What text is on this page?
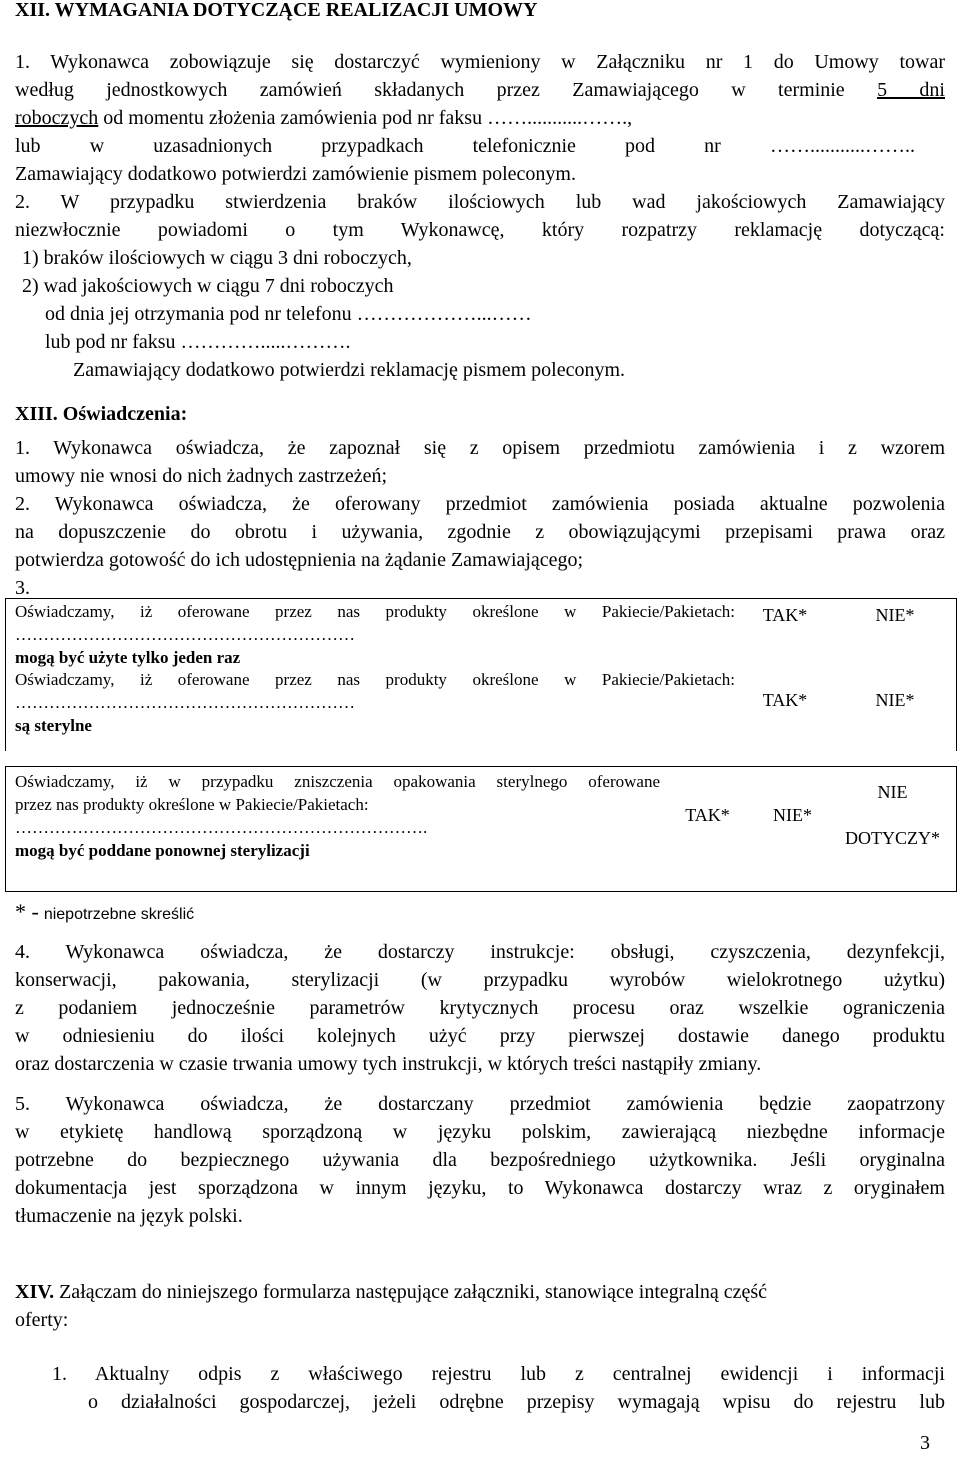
XII. WYMAGANIA DOTYCZĄCE REALIZACJI UMOWY
1. Wykonawca zobowiązuje się dostarczyć wymieniony w Załączniku nr 1 do Umowy towar
według jednostkowych zamówień składanych przez Zamawiającego w terminie 5 dni
roboczych od momentu złożenia zamówienia pod nr faksu ……...........…….,
lub w uzasadnionych przypadkach telefonicznie pod nr ……...........……..
Zamawiający dodatkowo potwierdzi zamówienie pismem poleconym.
2. W przypadku stwierdzenia braków ilościowych lub wad jakościowych Zamawiający
niezwłocznie powiadomi o tym Wykonawcę, który rozpatrzy reklamację dotyczącą:
1) braków ilościowych w ciągu 3 dni roboczych,
2) wad jakościowych w ciągu 7 dni roboczych
od dnia jej otrzymania pod nr telefonu ………………...……
lub pod nr faksu ………….....……….
Zamawiający dodatkowo potwierdzi reklamację pismem poleconym.
XIII. Oświadczenia:
1. Wykonawca oświadcza, że zapoznał się z opisem przedmiotu zamówienia i z wzorem
umowy nie wnosi do nich żadnych zastrzeżeń;
2. Wykonawca oświadcza, że oferowany przedmiot zamówienia posiada aktualne pozwolenia
na dopuszczenie do obrotu i używania, zgodnie z obowiązującymi przepisami prawa oraz
potwierdza gotowość do ich udostępnienia na żądanie Zamawiającego;
3.
Oświadczamy, iż oferowane przez nas produkty określone w Pakiecie/Pakietach:
……………………………………………………
mogą być użyte tylko jeden raz
TAK*	NIE*
Oświadczamy, iż oferowane przez nas produkty określone w Pakiecie/Pakietach:
……………………………………………………
są sterylne
TAK*	NIE*
Oświadczamy, iż w przypadku zniszczenia opakowania sterylnego oferowane
przez nas produkty określone w Pakiecie/Pakietach:
……………………………………………………………….
mogą być poddane ponownej sterylizacji
TAK*	NIE*
NIE
DOTYCZY*
* - niepotrzebne skreślić
4. Wykonawca oświadcza, że dostarczy instrukcje: obsługi, czyszczenia, dezynfekcji,
konserwacji, pakowania, sterylizacji (w przypadku wyrobów wielokrotnego użytku)
z podaniem jednocześnie parametrów krytycznych procesu oraz wszelkie ograniczenia
w odniesieniu do ilości kolejnych użyć przy pierwszej dostawie danego produktu
oraz dostarczenia w czasie trwania umowy tych instrukcji, w których treści nastąpiły zmiany.
5. Wykonawca oświadcza, że dostarczany przedmiot zamówienia będzie zaopatrzony
w etykietę handlową sporządzoną w języku polskim, zawierającą niezbędne informacje
potrzebne do bezpiecznego używania dla bezpośredniego użytkownika. Jeśli oryginalna
dokumentacja jest sporządzona w innym języku, to Wykonawca dostarczy wraz z oryginałem
tłumaczenie na język polski.
XIV. Załączam do niniejszego formularza następujące załączniki, stanowiące integralną część
oferty:
1. Aktualny odpis z właściwego rejestru lub z centralnej ewidencji i informacji
o działalności gospodarczej, jeżeli odrębne przepisy wymagają wpisu do rejestru lub
3
